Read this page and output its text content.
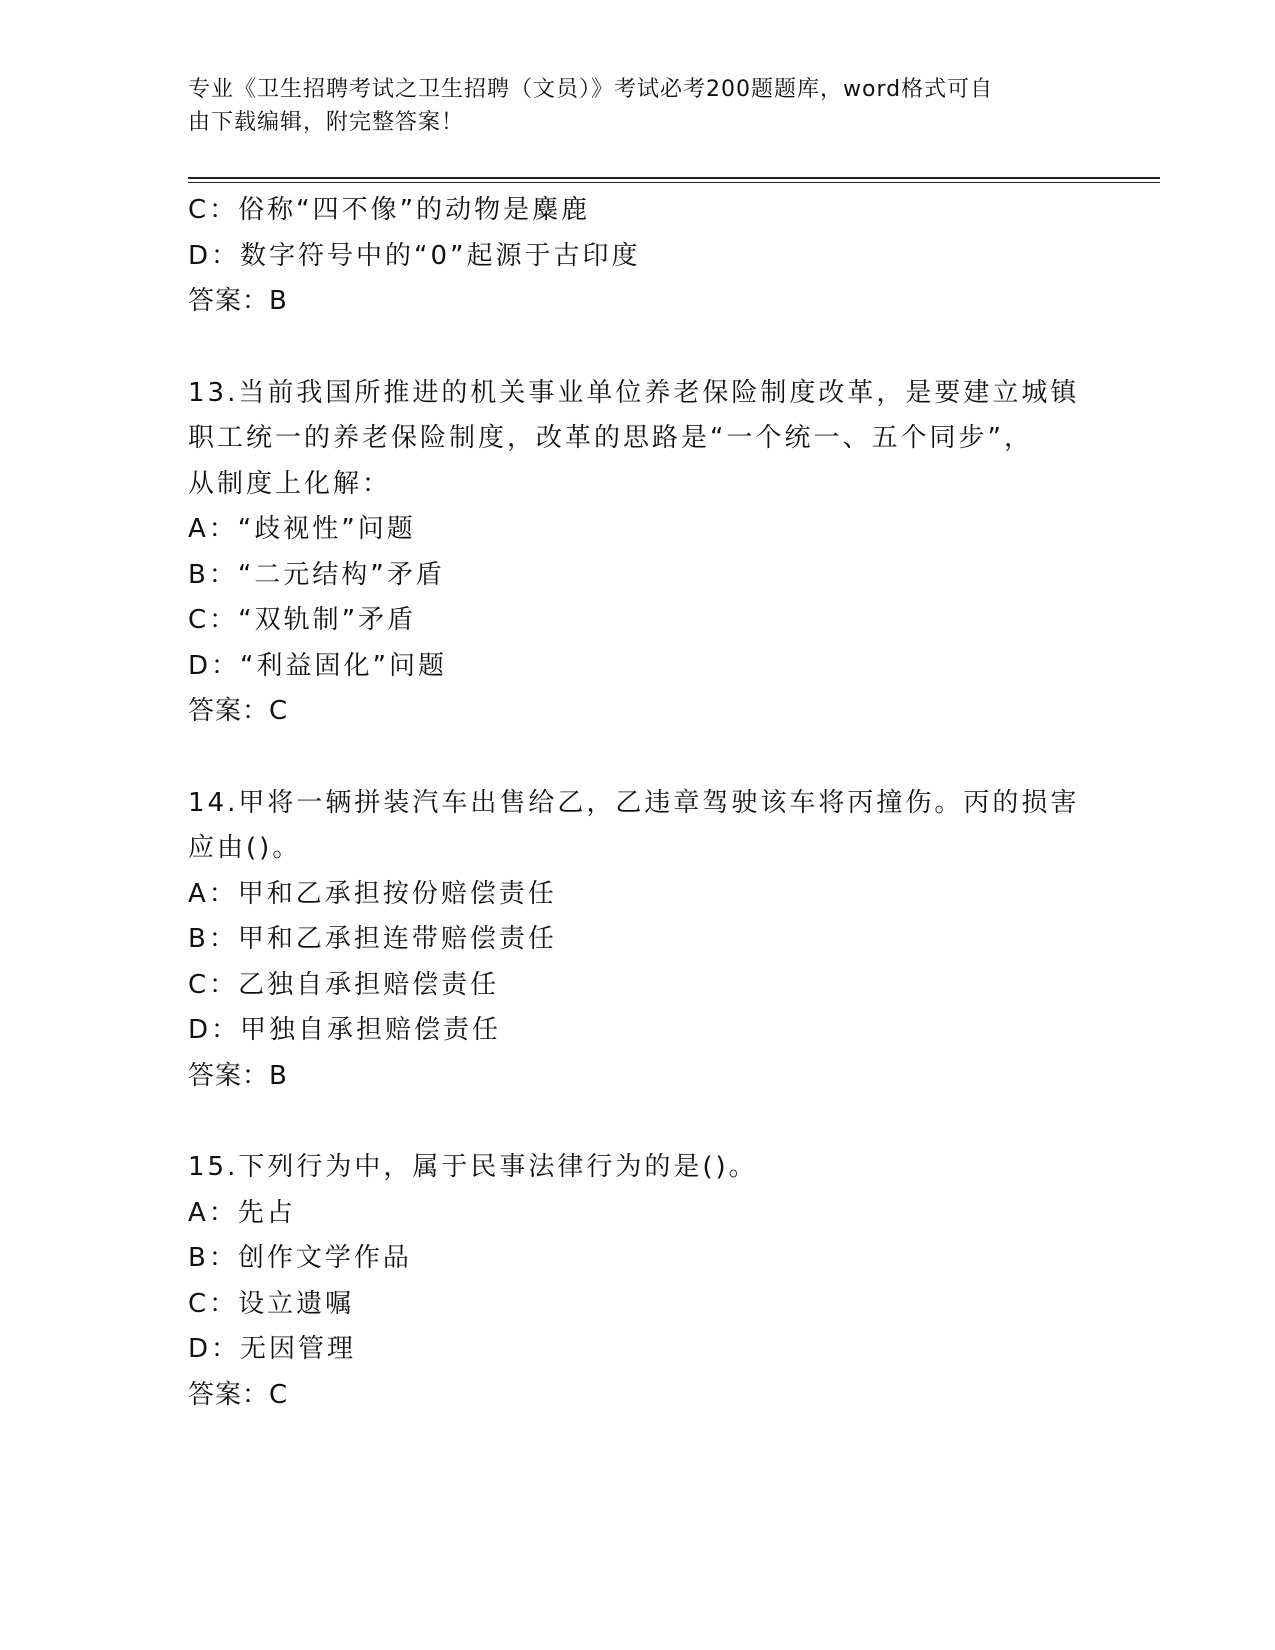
专业《卫生招聘考试之卫生招聘（文员）》考试必考200题题库，word格式可自
由下载编辑，附完整答案！
C：俗称“四不像”的动物是麋鹿
D：数字符号中的“0”起源于古印度
答案：B
13.当前我国所推进的机关事业单位养老保险制度改革，是要建立城镇
职工统一的养老保险制度，改革的思路是“一个统一、五个同步”，
从制度上化解：
A：“歧视性”问题
B：“二元结构”矛盾
C：“双轨制”矛盾
D：“利益固化”问题
答案：C
14.甲将一辆拼装汽车出售给乙，乙违章驾驶该车将丙撞伤。丙的损害
应由()。
A：甲和乙承担按份赔偿责任
B：甲和乙承担连带赔偿责任
C：乙独自承担赔偿责任
D：甲独自承担赔偿责任
答案：B
15.下列行为中，属于民事法律行为的是()。
A：先占
B：创作文学作品
C：设立遗嘱
D：无因管理
答案：C
